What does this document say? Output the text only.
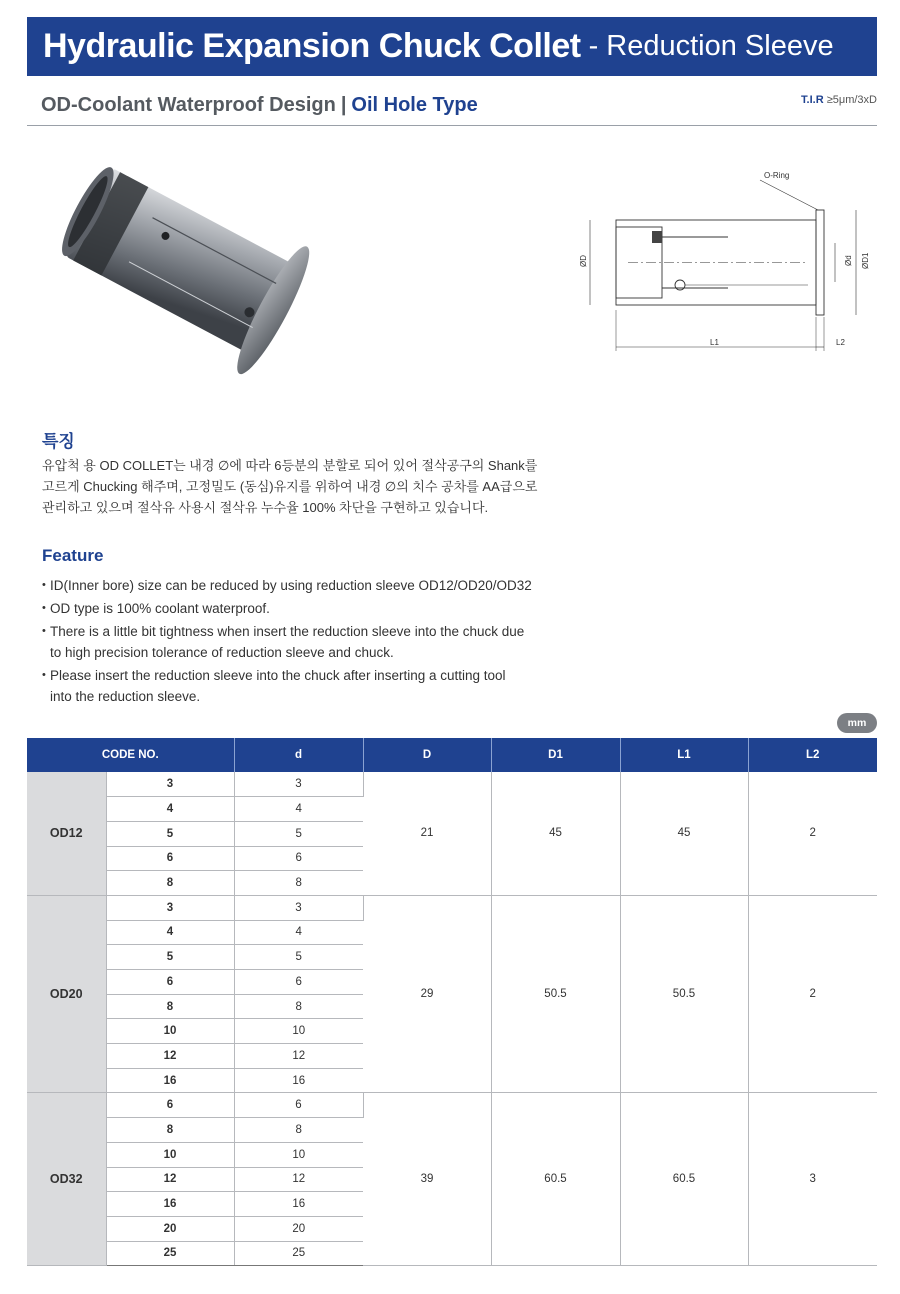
Hydraulic Expansion Chuck Collet - Reduction Sleeve
OD-Coolant Waterproof Design | Oil Hole Type	T.I.R ≥5μm/3xD
O-Ring
ØD	Ød ØD1
L1	L2
특징
유압척 용 OD COLLET는 내경 ∅에 따라 6등분의 분할로 되어 있어 절삭공구의 Shank를
고르게 Chucking 해주며, 고정밀도 (동심)유지를 위하여 내경 ∅의 치수 공차를 AA급으로
관리하고 있으며 절삭유 사용시 절삭유 누수율 100% 차단을 구현하고 있습니다.
Feature
• ID(Inner bore) size can be reduced by using reduction sleeve OD12/OD20/OD32
• OD type is 100% coolant waterproof.
• There is a little bit tightness when insert the reduction sleeve into the chuck due
to high precision tolerance of reduction sleeve and chuck.
• Please insert the reduction sleeve into the chuck after inserting a cutting tool
into the reduction sleeve.
mm
CODE NO.		d	D	D1	L1	L2
OD12	3	3	21	45	45	2
	4	4				
	5	5				
	6	6				
	8	8				
OD20	3	3	29	50.5	50.5	2
	4	4				
	5	5				
	6	6				
	8	8				
	10	10				
	12	12				
	16	16				
OD32	6	6	39	60.5	60.5	3
	8	8				
	10	10				
	12	12				
	16	16				
	20	20				
	25	25				
